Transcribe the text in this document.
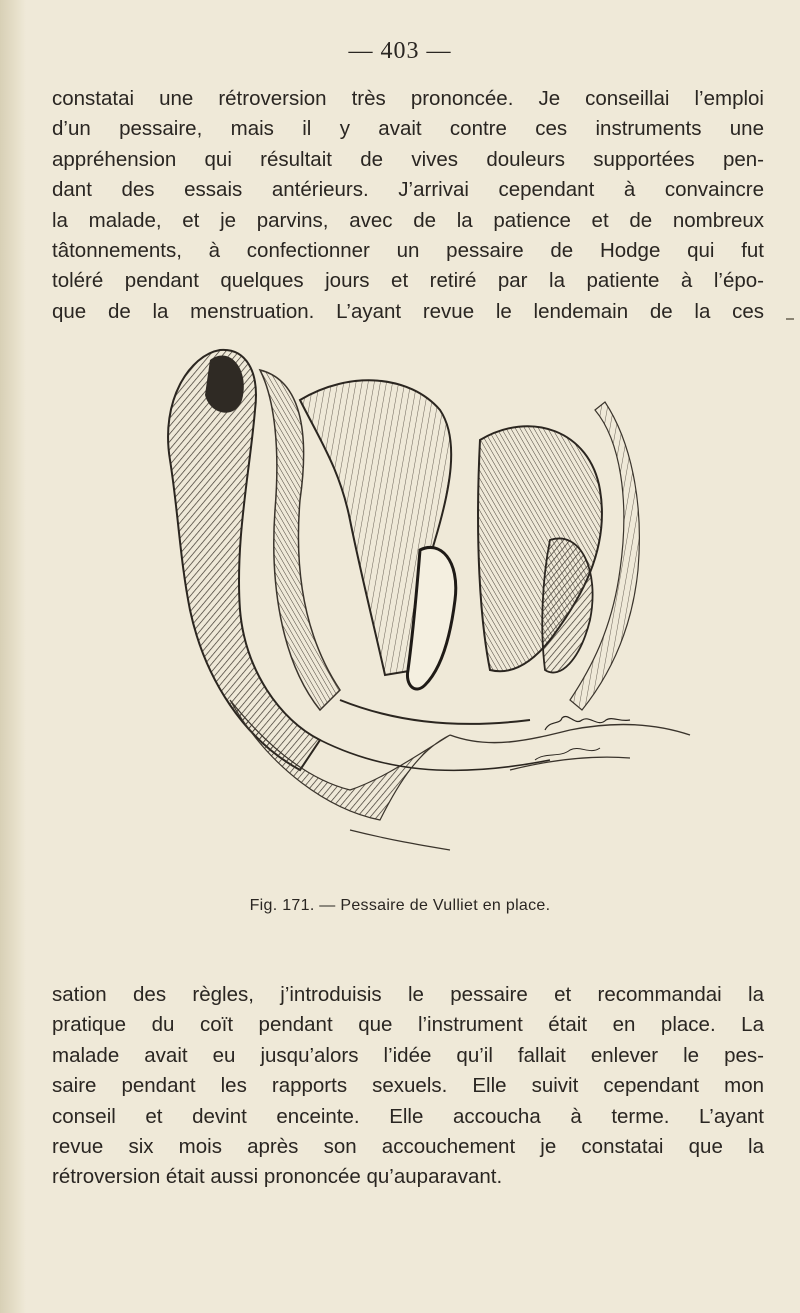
— 403 —
constatai une rétroversion très prononcée. Je conseillai l’emploi
d’un pessaire, mais il y avait contre ces instruments une
appréhension qui résultait de vives douleurs supportées pen-
dant des essais antérieurs. J’arrivai cependant à convaincre
la malade, et je parvins, avec de la patience et de nombreux
tâtonnements, à confectionner un pessaire de Hodge qui fut
toléré pendant quelques jours et retiré par la patiente à l’épo-
que de la menstruation. L’ayant revue le lendemain de la ces
Fig. 171. — Pessaire de Vulliet en place.
sation des règles, j’introduisis le pessaire et recommandai la
pratique du coït pendant que l’instrument était en place. La
malade avait eu jusqu’alors l’idée qu’il fallait enlever le pes-
saire pendant les rapports sexuels. Elle suivit cependant mon
conseil et devint enceinte. Elle accoucha à terme. L’ayant
revue six mois après son accouchement je constatai que la
rétroversion était aussi prononcée qu’auparavant.
